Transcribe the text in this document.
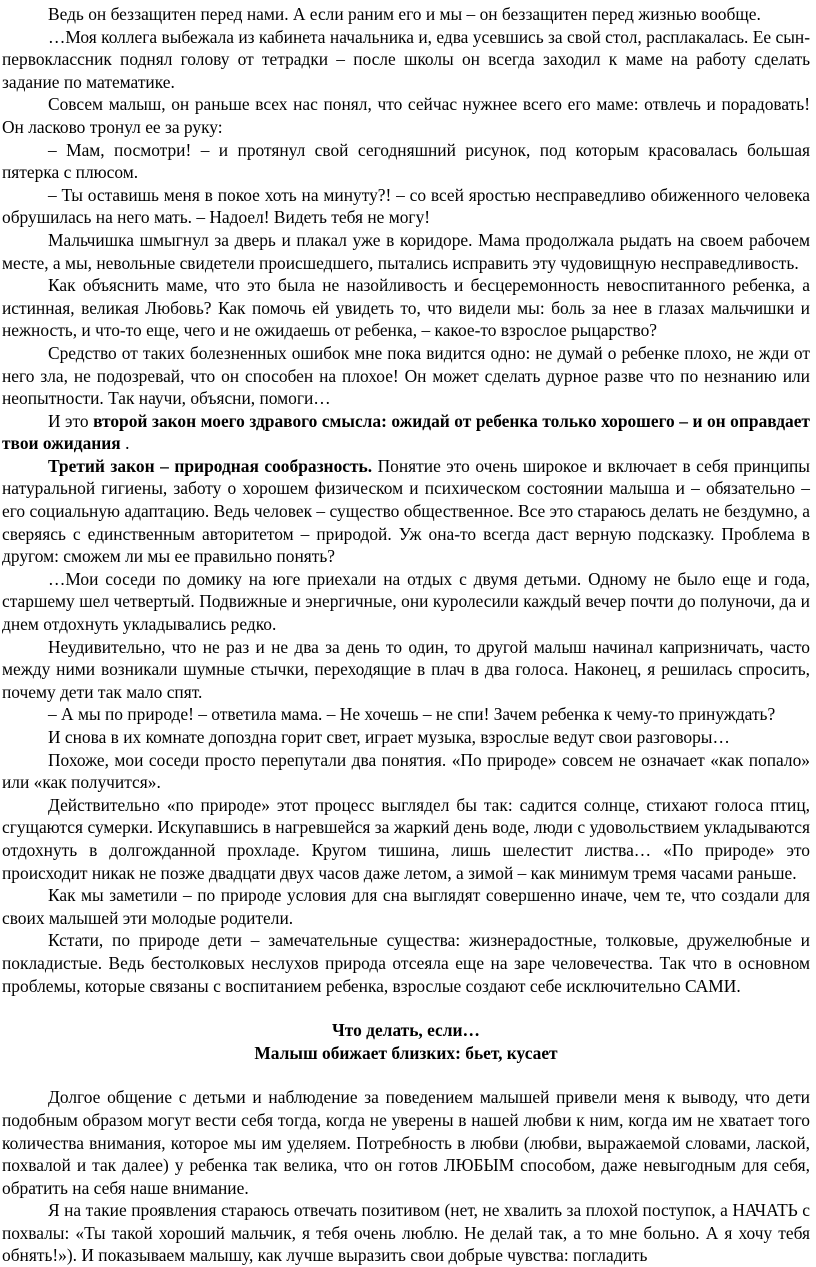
Ведь он беззащитен перед нами. А если раним его и мы – он беззащитен перед жизнью вообще.

…Моя коллега выбежала из кабинета начальника и, едва усевшись за свой стол, расплакалась. Ее сын-первоклассник поднял голову от тетрадки – после школы он всегда заходил к маме на работу сделать задание по математике.

Совсем малыш, он раньше всех нас понял, что сейчас нужнее всего его маме: отвлечь и порадовать! Он ласково тронул ее за руку:

– Мам, посмотри! – и протянул свой сегодняшний рисунок, под которым красовалась большая пятерка с плюсом.

– Ты оставишь меня в покое хоть на минуту?! – со всей яростью несправедливо обиженного человека обрушилась на него мать. – Надоел! Видеть тебя не могу!

Мальчишка шмыгнул за дверь и плакал уже в коридоре. Мама продолжала рыдать на своем рабочем месте, а мы, невольные свидетели происшедшего, пытались исправить эту чудовищную несправедливость.

Как объяснить маме, что это была не назойливость и бесцеремонность невоспитанного ребенка, а истинная, великая Любовь? Как помочь ей увидеть то, что видели мы: боль за нее в глазах мальчишки и нежность, и что-то еще, чего и не ожидаешь от ребенка, – какое-то взрослое рыцарство?

Средство от таких болезненных ошибок мне пока видится одно: не думай о ребенке плохо, не жди от него зла, не подозревай, что он способен на плохое! Он может сделать дурное разве что по незнанию или неопытности. Так научи, объясни, помоги…

И это второй закон моего здравого смысла: ожидай от ребенка только хорошего – и он оправдает твои ожидания .

Третий закон – природная сообразность. Понятие это очень широкое и включает в себя принципы натуральной гигиены, заботу о хорошем физическом и психическом состоянии малыша и – обязательно – его социальную адаптацию. Ведь человек – существо общественное. Все это стараюсь делать не бездумно, а сверяясь с единственным авторитетом – природой. Уж она-то всегда даст верную подсказку. Проблема в другом: сможем ли мы ее правильно понять?

…Мои соседи по домику на юге приехали на отдых с двумя детьми. Одному не было еще и года, старшему шел четвертый. Подвижные и энергичные, они куролесили каждый вечер почти до полуночи, да и днем отдохнуть укладывались редко.

Неудивительно, что не раз и не два за день то один, то другой малыш начинал капризничать, часто между ними возникали шумные стычки, переходящие в плач в два голоса. Наконец, я решилась спросить, почему дети так мало спят.

– А мы по природе! – ответила мама. – Не хочешь – не спи! Зачем ребенка к чему-то принуждать?

И снова в их комнате допоздна горит свет, играет музыка, взрослые ведут свои разговоры…

Похоже, мои соседи просто перепутали два понятия. «По природе» совсем не означает «как попало» или «как получится».

Действительно «по природе» этот процесс выглядел бы так: садится солнце, стихают голоса птиц, сгущаются сумерки. Искупавшись в нагревшейся за жаркий день воде, люди с удовольствием укладываются отдохнуть в долгожданной прохладе. Кругом тишина, лишь шелестит листва… «По природе» это происходит никак не позже двадцати двух часов даже летом, а зимой – как минимум тремя часами раньше.

Как мы заметили – по природе условия для сна выглядят совершенно иначе, чем те, что создали для своих малышей эти молодые родители.

Кстати, по природе дети – замечательные существа: жизнерадостные, толковые, дружелюбные и покладистые. Ведь бестолковых неслухов природа отсеяла еще на заре человечества. Так что в основном проблемы, которые связаны с воспитанием ребенка, взрослые создают себе исключительно САМИ.

Что делать, если…

Малыш обижает близких: бьет, кусает

Долгое общение с детьми и наблюдение за поведением малышей привели меня к выводу, что дети подобным образом могут вести себя тогда, когда не уверены в нашей любви к ним, когда им не хватает того количества внимания, которое мы им уделяем. Потребность в любви (любви, выражаемой словами, лаской, похвалой и так далее) у ребенка так велика, что он готов ЛЮБЫМ способом, даже невыгодным для себя, обратить на себя наше внимание.

Я на такие проявления стараюсь отвечать позитивом (нет, не хвалить за плохой поступок, а НАЧАТЬ с похвалы: «Ты такой хороший мальчик, я тебя очень люблю. Не делай так, а то мне больно. А я хочу тебя обнять!»). И показываем малышу, как лучше выразить свои добрые чувства: погладить
